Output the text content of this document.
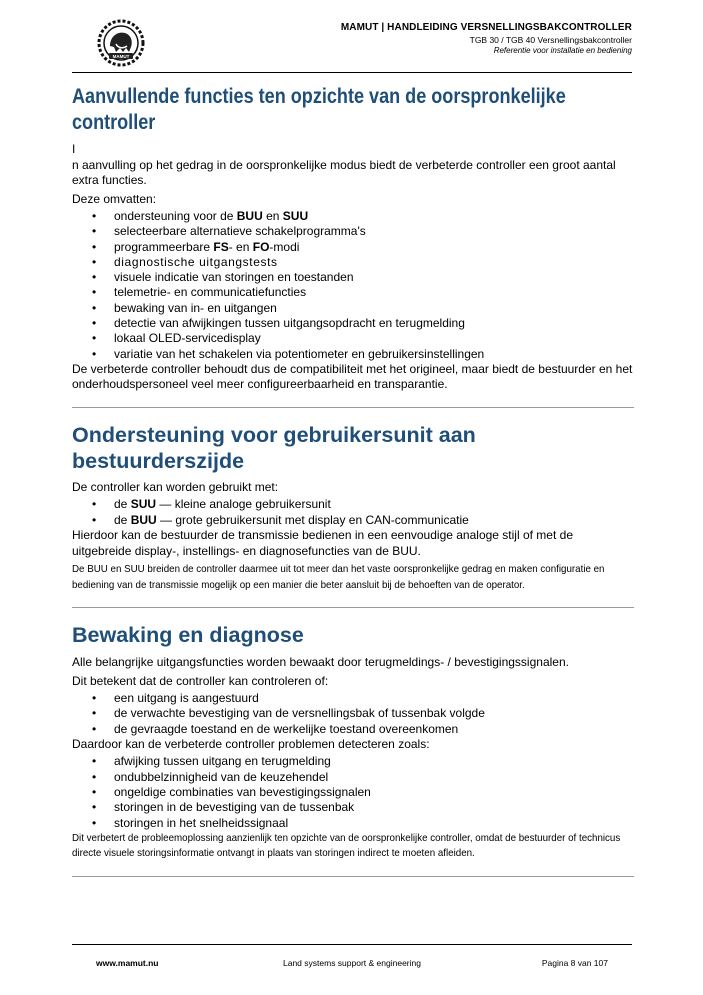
MAMUT
MAMUT | HANDLEIDING VERSNELLINGSBAKCONTROLLER
TGB 30 / TGB 40 Versnellingsbakcontroller
Referentie voor installatie en bediening
Aanvullende functies ten opzichte van de oorspronkelijke controller

I

n aanvulling op het gedrag in de oorspronkelijke modus biedt de verbeterde controller een groot aantal extra functies.

Deze omvatten:

• ondersteuning voor de BUU en SUU
• selecteerbare alternatieve schakelprogramma's
• programmeerbare FS- en FO-modi
• diagnostische uitgangstests
• visuele indicatie van storingen en toestanden
• telemetrie- en communicatiefuncties
• bewaking van in- en uitgangen
• detectie van afwijkingen tussen uitgangsopdracht en terugmelding
• lokaal OLED-servicedisplay
• variatie van het schakelen via potentiometer en gebruikersinstellingen

De verbeterde controller behoudt dus de compatibiliteit met het origineel, maar biedt de bestuurder en het onderhoudspersoneel veel meer configureerbaarheid en transparantie.

Ondersteuning voor gebruikersunit aan bestuurderszijde

De controller kan worden gebruikt met:

• de SUU — kleine analoge gebruikersunit
• de BUU — grote gebruikersunit met display en CAN-communicatie

Hierdoor kan de bestuurder de transmissie bedienen in een eenvoudige analoge stijl of met de uitgebreide display-, instellings- en diagnosefuncties van de BUU.

De BUU en SUU breiden de controller daarmee uit tot meer dan het vaste oorspronkelijke gedrag en maken configuratie en bediening van de transmissie mogelijk op een manier die beter aansluit bij de behoeften van de operator.

Bewaking en diagnose

Alle belangrijke uitgangsfuncties worden bewaakt door terugmeldings- / bevestigingssignalen.

Dit betekent dat de controller kan controleren of:

• een uitgang is aangestuurd
• de verwachte bevestiging van de versnellingsbak of tussenbak volgde
• de gevraagde toestand en de werkelijke toestand overeenkomen

Daardoor kan de verbeterde controller problemen detecteren zoals:

• afwijking tussen uitgang en terugmelding
• ondubbelzinnigheid van de keuzehendel
• ongeldige combinaties van bevestigingssignalen
• storingen in de bevestiging van de tussenbak
• storingen in het snelheidssignaal

Dit verbetert de probleemoplossing aanzienlijk ten opzichte van de oorspronkelijke controller, omdat de bestuurder of technicus directe visuele storingsinformatie ontvangt in plaats van storingen indirect te moeten afleiden.

www.mamut.nu	Land systems support & engineering	Pagina 8 van 107
